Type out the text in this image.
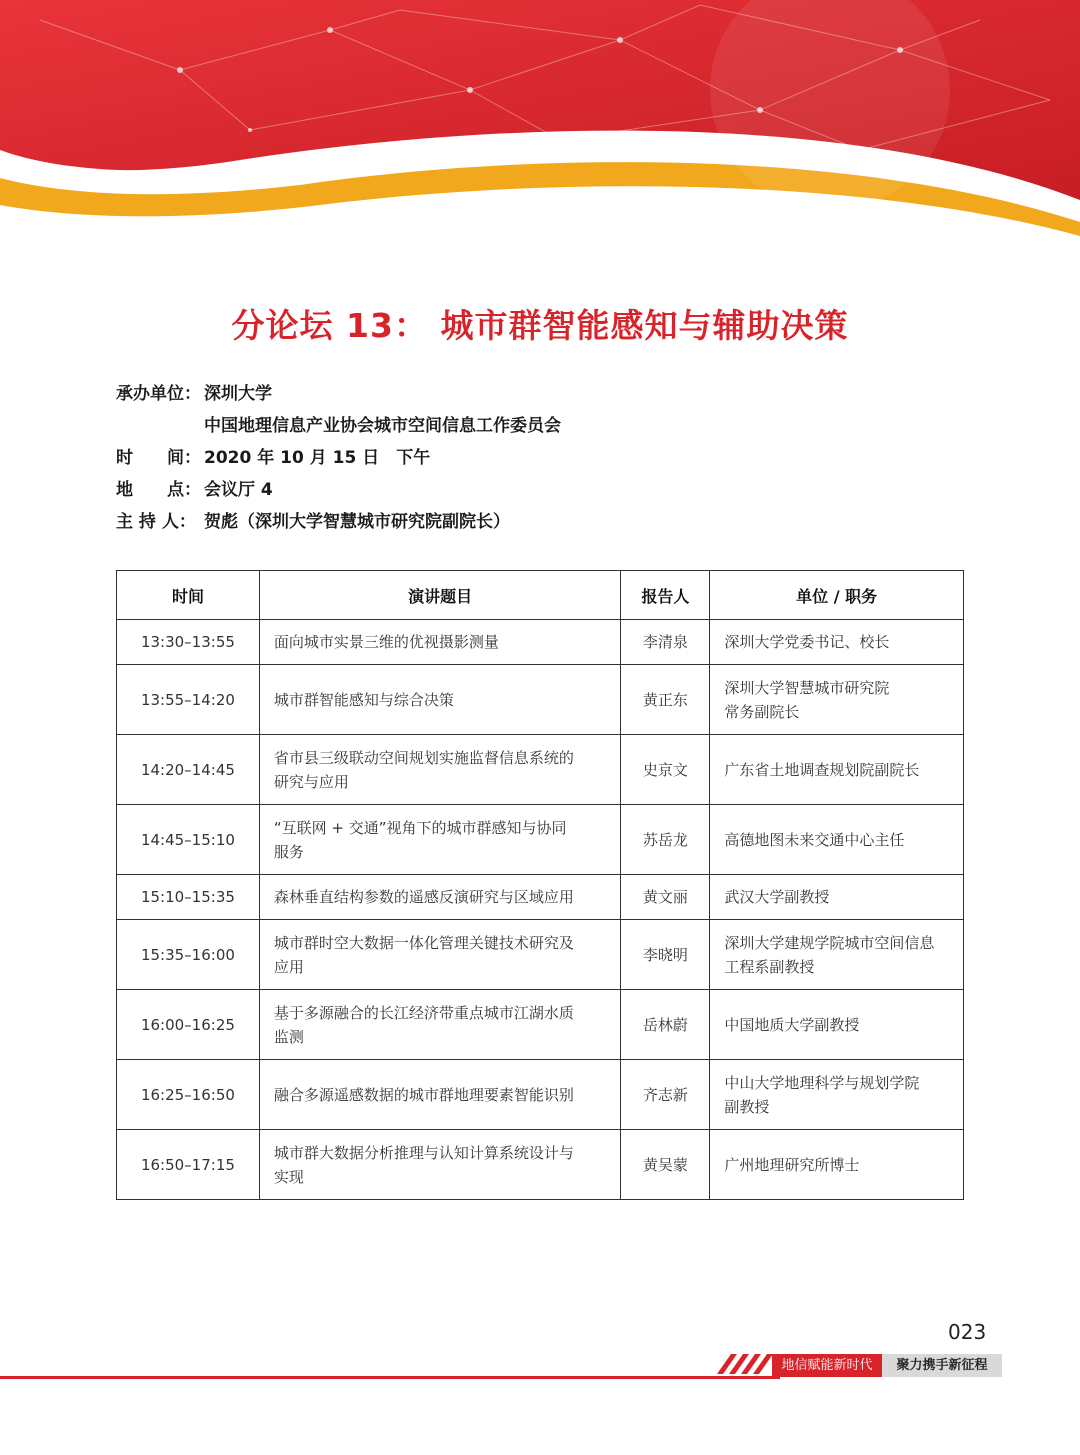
分论坛 13： 城市群智能感知与辅助决策
承办单位： 深圳大学
中国地理信息产业协会城市空间信息工作委员会
时　　间： 2020 年 10 月 15 日　下午
地　　点： 会议厅 4
主 持 人： 贺彪（深圳大学智慧城市研究院副院长）
时间	演讲题目	报告人	单位 / 职务
13:30–13:55	面向城市实景三维的优视摄影测量	李清泉	深圳大学党委书记、校长
13:55–14:20	城市群智能感知与综合决策	黄正东	深圳大学智慧城市研究院
常务副院长
14:20–14:45	省市县三级联动空间规划实施监督信息系统的
研究与应用	史京文	广东省土地调查规划院副院长
14:45–15:10	“互联网 + 交通”视角下的城市群感知与协同
服务	苏岳龙	高德地图未来交通中心主任
15:10–15:35	森林垂直结构参数的遥感反演研究与区域应用	黄文丽	武汉大学副教授
15:35–16:00	城市群时空大数据一体化管理关键技术研究及
应用	李晓明	深圳大学建规学院城市空间信息
工程系副教授
16:00–16:25	基于多源融合的长江经济带重点城市江湖水质
监测	岳林蔚	中国地质大学副教授
16:25–16:50	融合多源遥感数据的城市群地理要素智能识别	齐志新	中山大学地理科学与规划学院
副教授
16:50–17:15	城市群大数据分析推理与认知计算系统设计与
实现	黄吴蒙	广州地理研究所博士
023
地信赋能新时代	聚力携手新征程
